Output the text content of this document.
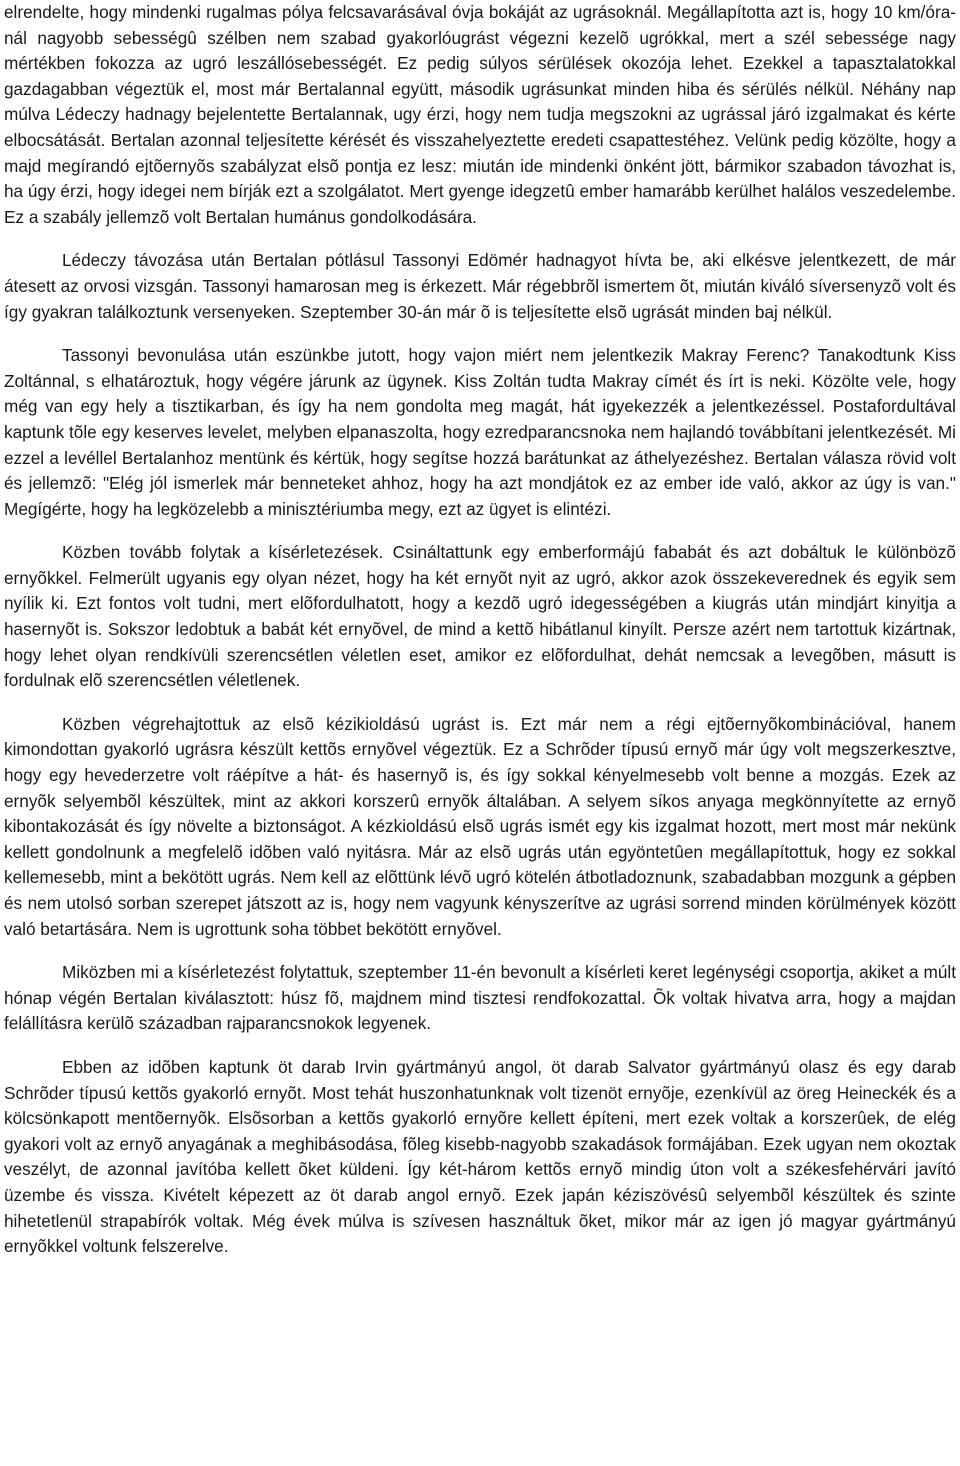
elrendelte, hogy mindenki rugalmas pólya felcsavarásával óvja bokáját az ugrásoknál. Megállapította azt is, hogy 10 km/óra-nál nagyobb sebességû szélben nem szabad gyakorlóugrást végezni kezelõ ugrókkal, mert a szél sebessége nagy mértékben fokozza az ugró leszállósebességét. Ez pedig súlyos sérülések okozója lehet. Ezekkel a tapasztalatokkal gazdagabban végeztük el, most már Bertalannal együtt, második ugrásunkat minden hiba és sérülés nélkül. Néhány nap múlva Lédeczy hadnagy bejelentette Bertalannak, ugy érzi, hogy nem tudja megszokni az ugrással járó izgalmakat és kérte elbocsátását. Bertalan azonnal teljesítette kérését és visszahelyeztette eredeti csapattestéhez. Velünk pedig közölte, hogy a majd megírandó ejtõernyõs szabályzat elsõ pontja ez lesz: miután ide mindenki önként jött, bármikor szabadon távozhat is, ha úgy érzi, hogy idegei nem bírják ezt a szolgálatot. Mert gyenge idegzetû ember hamarább kerülhet halálos veszedelembe. Ez a szabály jellemzõ volt Bertalan humánus gondolkodására.

Lédeczy távozása után Bertalan pótlásul Tassonyi Edömér hadnagyot hívta be, aki elkésve jelentkezett, de már átesett az orvosi vizsgán. Tassonyi hamarosan meg is érkezett. Már régebbrõl ismertem õt, miután kiváló síversenyzõ volt és így gyakran találkoztunk versenyeken. Szeptember 30-án már õ is teljesítette elsõ ugrását minden baj nélkül.

Tassonyi bevonulása után eszünkbe jutott, hogy vajon miért nem jelentkezik Makray Ferenc? Tanakodtunk Kiss Zoltánnal, s elhatároztuk, hogy végére járunk az ügynek. Kiss Zoltán tudta Makray címét és írt is neki. Közölte vele, hogy még van egy hely a tisztikarban, és így ha nem gondolta meg magát, hát igyekezzék a jelentkezéssel. Postafordultával kaptunk tõle egy keserves levelet, melyben elpanaszolta, hogy ezredparancsnoka nem hajlandó továbbítani jelentkezését. Mi ezzel a levéllel Bertalanhoz mentünk és kértük, hogy segítse hozzá barátunkat az áthelyezéshez. Bertalan válasza rövid volt és jellemzõ: "Elég jól ismerlek már benneteket ahhoz, hogy ha azt mondjátok ez az ember ide való, akkor az úgy is van." Megígérte, hogy ha legközelebb a minisztériumba megy, ezt az ügyet is elintézi.

Közben tovább folytak a kísérletezések. Csináltattunk egy emberformájú fababát és azt dobáltuk le különbözõ ernyõkkel. Felmerült ugyanis egy olyan nézet, hogy ha két ernyõt nyit az ugró, akkor azok összekeverednek és egyik sem nyílik ki. Ezt fontos volt tudni, mert elõfordulhatott, hogy a kezdõ ugró idegességében a kiugrás után mindjárt kinyitja a hasernyõt is. Sokszor ledobtuk a babát két ernyõvel, de mind a kettõ hibátlanul kinyílt. Persze azért nem tartottuk kizártnak, hogy lehet olyan rendkívüli szerencsétlen véletlen eset, amikor ez elõfordulhat, dehát nemcsak a levegõben, másutt is fordulnak elõ szerencsétlen véletlenek.

Közben végrehajtottuk az elsõ kézikioldású ugrást is. Ezt már nem a régi ejtõernyõkombinációval, hanem kimondottan gyakorló ugrásra készült kettõs ernyõvel végeztük. Ez a Schrõder típusú ernyõ már úgy volt megszerkesztve, hogy egy hevederzetre volt ráépítve a hát- és hasernyõ is, és így sokkal kényelmesebb volt benne a mozgás. Ezek az ernyõk selyembõl készültek, mint az akkori korszerû ernyõk általában. A selyem síkos anyaga megkönnyítette az ernyõ kibontakozását és így növelte a biztonságot. A kézkioldású elsõ ugrás ismét egy kis izgalmat hozott, mert most már nekünk kellett gondolnunk a megfelelõ idõben való nyitásra. Már az elsõ ugrás után egyöntetûen megállapítottuk, hogy ez sokkal kellemesebb, mint a bekötött ugrás. Nem kell az elõttünk lévõ ugró kötelén átbotladoznunk, szabadabban mozgunk a gépben és nem utolsó sorban szerepet játszott az is, hogy nem vagyunk kényszerítve az ugrási sorrend minden körülmények között való betartására. Nem is ugrottunk soha többet bekötött ernyõvel.

Miközben mi a kísérletezést folytattuk, szeptember 11-én bevonult a kísérleti keret legénységi csoportja, akiket a múlt hónap végén Bertalan kiválasztott: húsz fõ, majdnem mind tisztesi rendfokozattal. Õk voltak hivatva arra, hogy a majdan felállításra kerülõ században rajparancsnokok legyenek.

Ebben az idõben kaptunk öt darab Irvin gyártmányú angol, öt darab Salvator gyártmányú olasz és egy darab Schrõder típusú kettõs gyakorló ernyõt. Most tehát huszonhatunknak volt tizenöt ernyõje, ezenkívül az öreg Heineckék és a kölcsönkapott mentõernyõk. Elsõsorban a kettõs gyakorló ernyõre kellett építeni, mert ezek voltak a korszerûek, de elég gyakori volt az ernyõ anyagának a meghibásodása, fõleg kisebb-nagyobb szakadások formájában. Ezek ugyan nem okoztak veszélyt, de azonnal javítóba kellett õket küldeni. Így két-három kettõs ernyõ mindig úton volt a székesfehérvári javító üzembe és vissza. Kivételt képezett az öt darab angol ernyõ. Ezek japán kéziszövésû selyembõl készültek és szinte hihetetlenül strapabírók voltak. Még évek múlva is szívesen használtuk õket, mikor már az igen jó magyar gyártmányú ernyõkkel voltunk felszerelve.
